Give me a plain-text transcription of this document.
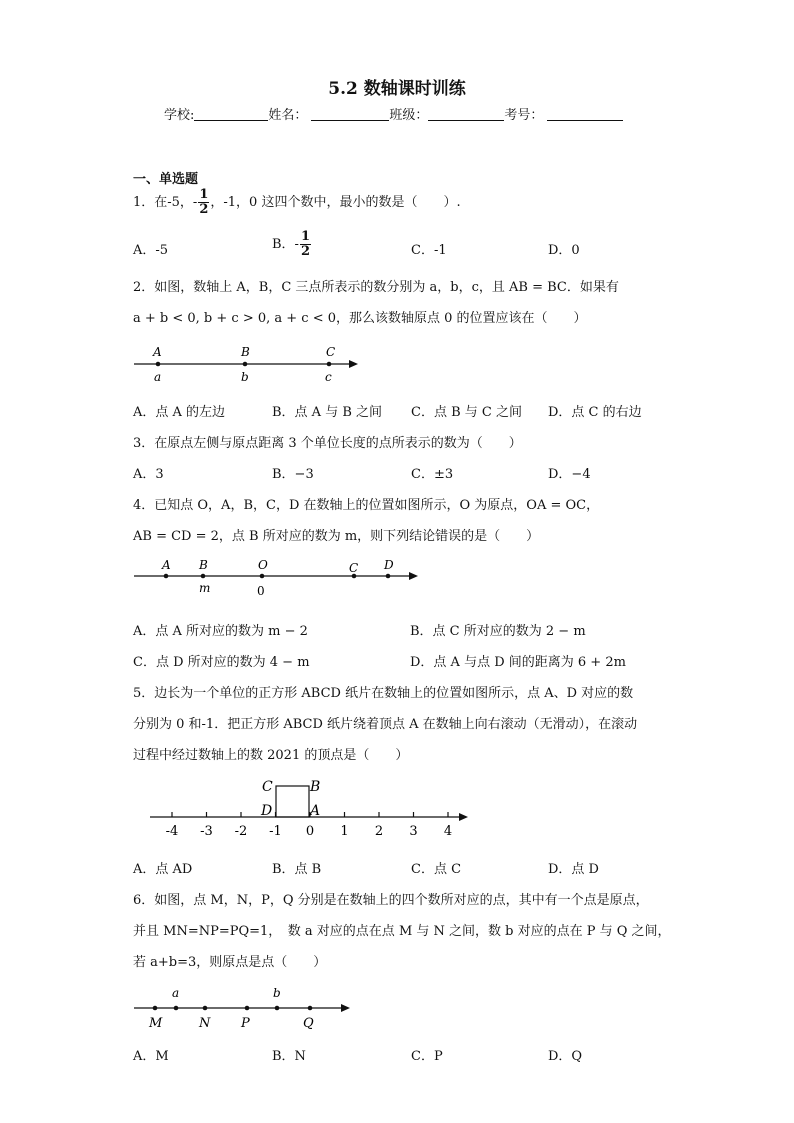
5.2 数轴课时训练
学校:	姓名：	班级：	考号：
一、单选题
1．在-5，- $\frac{1}{2}$ ，-1，0 这四个数中，最小的数是（　　）.
A．-5	B．- $\frac{1}{2}$	C．-1	D．0
2．如图，数轴上 A，B，C 三点所表示的数分别为 a，b，c，且 AB = BC．如果有
a + b < 0, b + c > 0, a + c < 0，那么该数轴原点 0 的位置应该在（　　）
A	B	C
a	b	c
A．点 A 的左边	B．点 A 与 B 之间 C．点 B 与 C 之间 D．点 C 的右边
3．在原点左侧与原点距离 3 个单位长度的点所表示的数为（　　）
A．3	B．−3	C．±3	D．−4
4．已知点 O，A，B，C，D 在数轴上的位置如图所示，O 为原点，OA = OC，
AB = CD = 2，点 B 所对应的数为 m，则下列结论错误的是（　　）
A B	O	C D
m	0
A．点 A 所对应的数为 m − 2	B．点 C 所对应的数为 2 − m
C．点 D 所对应的数为 4 − m	D．点 A 与点 D 间的距离为 6 + 2m
5．边长为一个单位的正方形 ABCD 纸片在数轴上的位置如图所示，点 A、D 对应的数
分别为 0 和-1．把正方形 ABCD 纸片绕着顶点 A 在数轴上向右滚动（无滑动），在滚动
过程中经过数轴上的数 2021 的顶点是（　　）
-4 -3 -2 -1 0 1 2 3 4
C	B
D	A
A．点 AD	B．点 B	C．点 C	D．点 D
6．如图，点 M，N，P，Q 分别是在数轴上的四个数所对应的点，其中有一个点是原点，
并且 MN=NP=PQ=1，　数 a 对应的点在点 M 与 N 之间，数 b 对应的点在 P 与 Q 之间，
若 a+b=3，则原点是点（　　）
a	b
M	N P	Q
A．M	B．N	C．P	D．Q
